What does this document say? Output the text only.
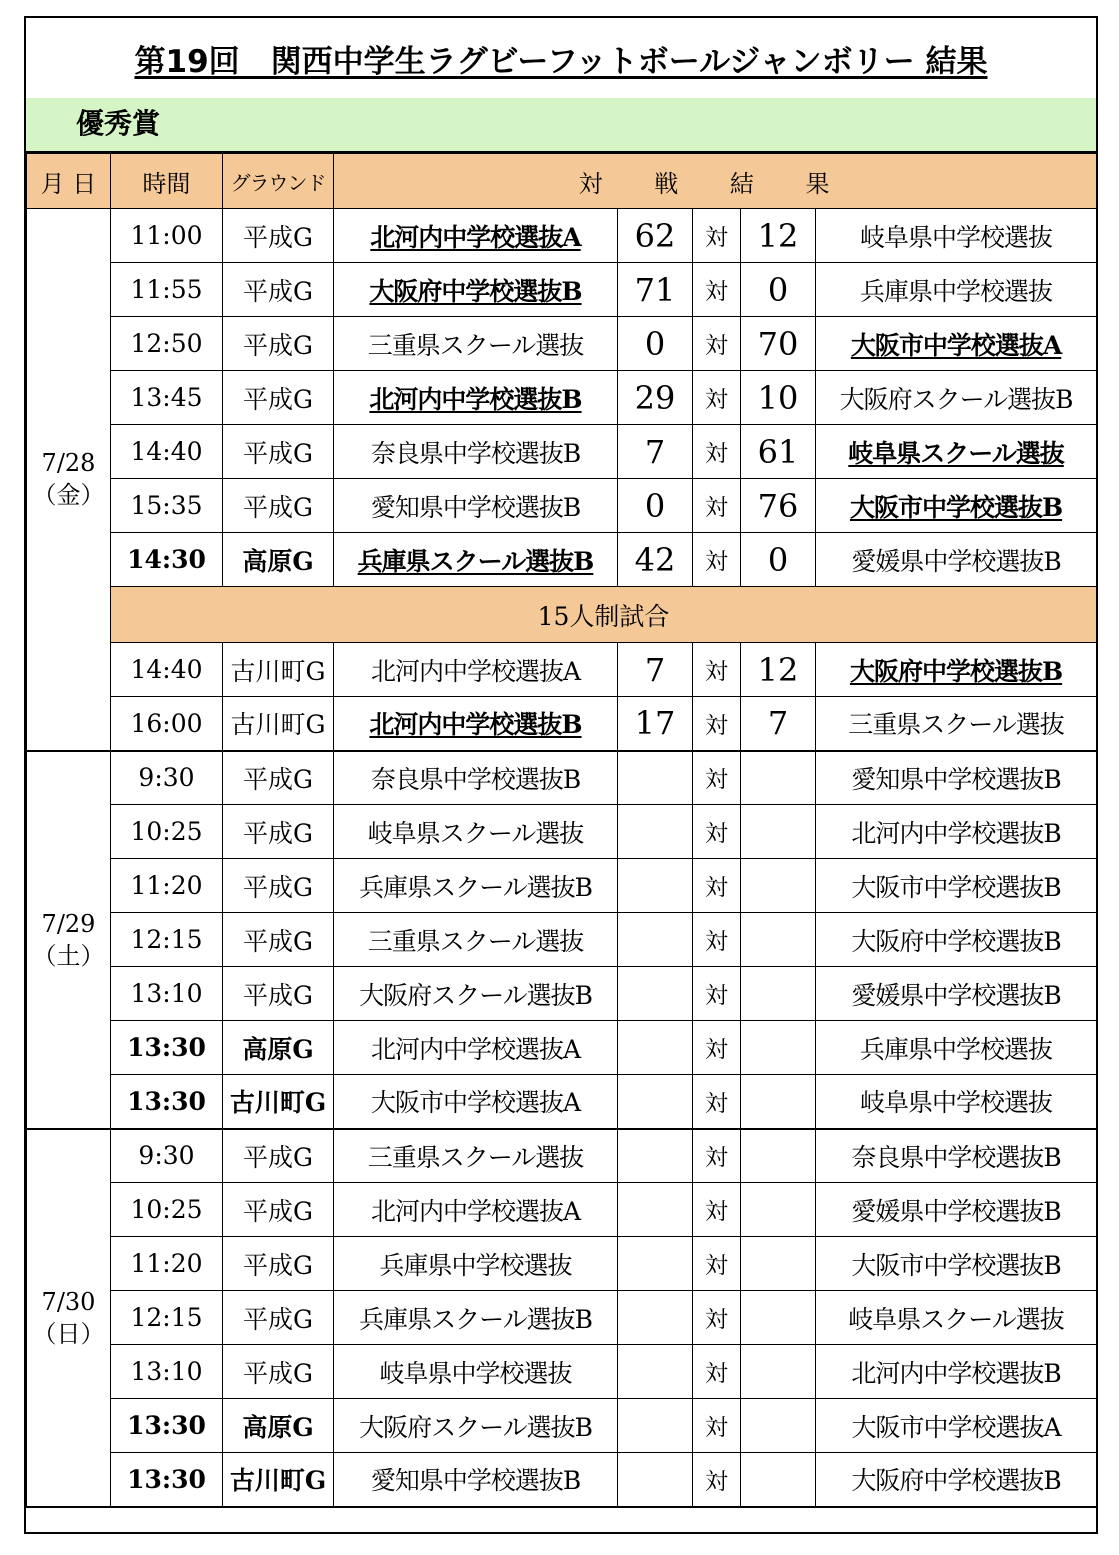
第19回　関西中学生ラグビーフットボールジャンボリー 結果
優秀賞
月 日	時間	グラウンド	対 戦 結 果				

7/28
（金）	11:00	平成G	北河内中学校選抜A	62	対	12	岐阜県中学校選抜
	11:55	平成G	大阪府中学校選抜B	71	対	0	兵庫県中学校選抜
	12:50	平成G	三重県スクール選抜	0	対	70	大阪市中学校選抜A
	13:45	平成G	北河内中学校選抜B	29	対	10	大阪府スクール選抜B
	14:40	平成G	奈良県中学校選抜B	7	対	61	岐阜県スクール選抜
	15:35	平成G	愛知県中学校選抜B	0	対	76	大阪市中学校選抜B
	14:30	高原G	兵庫県スクール選抜B	42	対	0	愛媛県中学校選抜B
	15人制試合						
	14:40	古川町G	北河内中学校選抜A	7	対	12	大阪府中学校選抜B
	16:00	古川町G	北河内中学校選抜B	17	対	7	三重県スクール選抜

7/29
（土）	9:30	平成G	奈良県中学校選抜B		対		愛知県中学校選抜B
	10:25	平成G	岐阜県スクール選抜		対		北河内中学校選抜B
	11:20	平成G	兵庫県スクール選抜B		対		大阪市中学校選抜B
	12:15	平成G	三重県スクール選抜		対		大阪府中学校選抜B
	13:10	平成G	大阪府スクール選抜B		対		愛媛県中学校選抜B
	13:30	高原G	北河内中学校選抜A		対		兵庫県中学校選抜
	13:30	古川町G	大阪市中学校選抜A		対		岐阜県中学校選抜

7/30
（日）	9:30	平成G	三重県スクール選抜		対		奈良県中学校選抜B
	10:25	平成G	北河内中学校選抜A		対		愛媛県中学校選抜B
	11:20	平成G	兵庫県中学校選抜		対		大阪市中学校選抜B
	12:15	平成G	兵庫県スクール選抜B		対		岐阜県スクール選抜
	13:10	平成G	岐阜県中学校選抜		対		北河内中学校選抜B
	13:30	高原G	大阪府スクール選抜B		対		大阪市中学校選抜A
	13:30	古川町G	愛知県中学校選抜B		対		大阪府中学校選抜B
